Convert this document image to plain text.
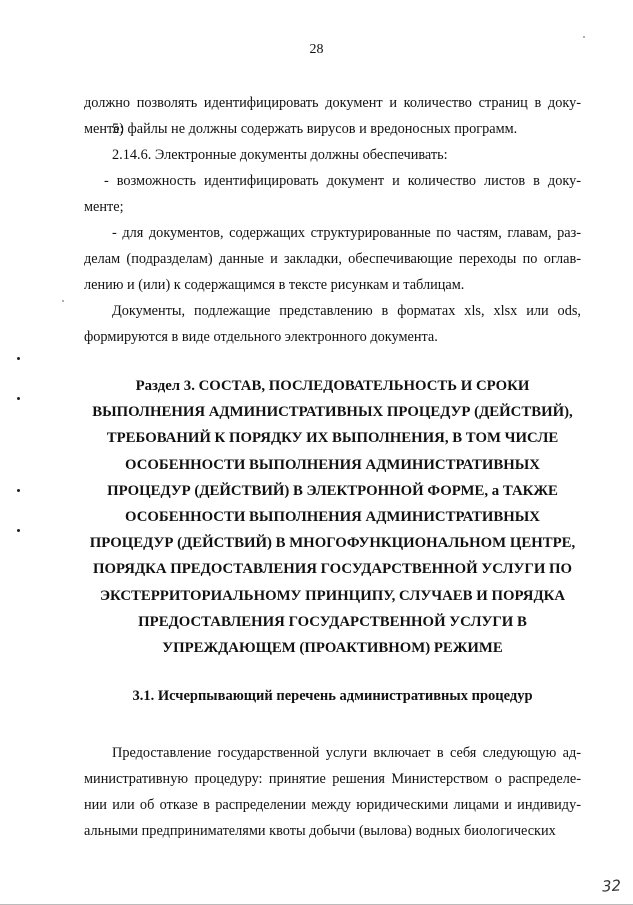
28

должно позволять идентифицировать документ и количество страниц в доку-менте;

5) файлы не должны содержать вирусов и вредоносных программ.

2.14.6. Электронные документы должны обеспечивать:

- возможность идентифицировать документ и количество листов в доку-менте;

- для документов, содержащих структурированные по частям, главам, раз-делам (подразделам) данные и закладки, обеспечивающие переходы по оглав-лению и (или) к содержащимся в тексте рисункам и таблицам.

Документы, подлежащие представлению в форматах xls, xlsx или ods, формируются в виде отдельного электронного документа.

Раздел 3. СОСТАВ, ПОСЛЕДОВАТЕЛЬНОСТЬ И СРОКИ ВЫПОЛНЕНИЯ АДМИНИСТРАТИВНЫХ ПРОЦЕДУР (ДЕЙСТВИЙ), ТРЕБОВАНИЙ К ПОРЯДКУ ИХ ВЫПОЛНЕНИЯ, В ТОМ ЧИСЛЕ ОСОБЕННОСТИ ВЫПОЛНЕНИЯ АДМИНИСТРАТИВНЫХ ПРОЦЕДУР (ДЕЙСТВИЙ) В ЭЛЕКТРОННОЙ ФОРМЕ, а ТАКЖЕ ОСОБЕННОСТИ ВЫПОЛНЕНИЯ АДМИНИСТРАТИВНЫХ ПРОЦЕДУР (ДЕЙСТВИЙ) В МНОГОФУНКЦИОНАЛЬНОМ ЦЕНТРЕ, ПОРЯДКА ПРЕДОСТАВЛЕНИЯ ГОСУДАРСТВЕННОЙ УСЛУГИ ПО ЭКСТЕРРИТОРИАЛЬНОМУ ПРИНЦИПУ, СЛУЧАЕВ И ПОРЯДКА ПРЕДОСТАВЛЕНИЯ ГОСУДАРСТВЕННОЙ УСЛУГИ В УПРЕЖДАЮЩЕМ (ПРОАКТИВНОМ) РЕЖИМЕ
3.1. Исчерпывающий перечень административных процедур

Предоставление государственной услуги включает в себя следующую ад-министративную процедуру: принятие решения Министерством о распределе-нии или об отказе в распределении между юридическими лицами и индивиду-альными предпринимателями квоты добычи (вылова) водных биологических

32
